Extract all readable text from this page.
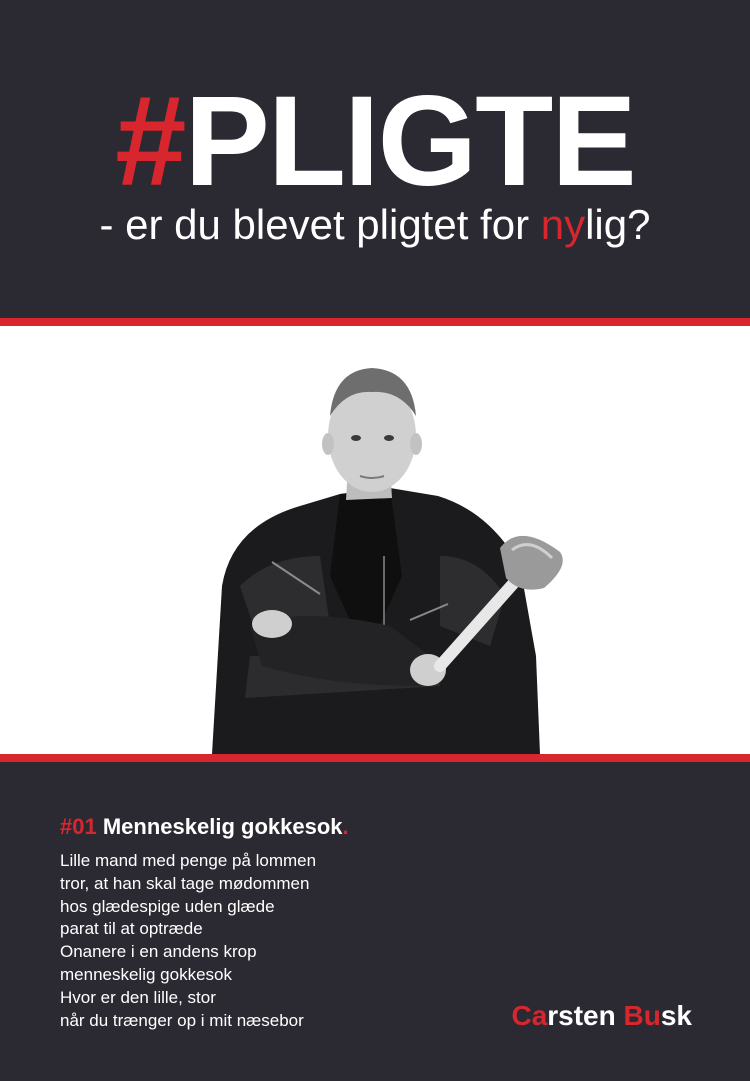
#PLIGTE
- er du blevet pligtet for nylig?
#01 Menneskelig gokkesok.
Lille mand med penge på lommen
tror, at han skal tage mødommen
hos glædespige uden glæde
parat til at optræde
Onanere i en andens krop
menneskelig gokkesok
Hvor er den lille, stor
når du trænger op i mit næsebor	Carsten Busk
